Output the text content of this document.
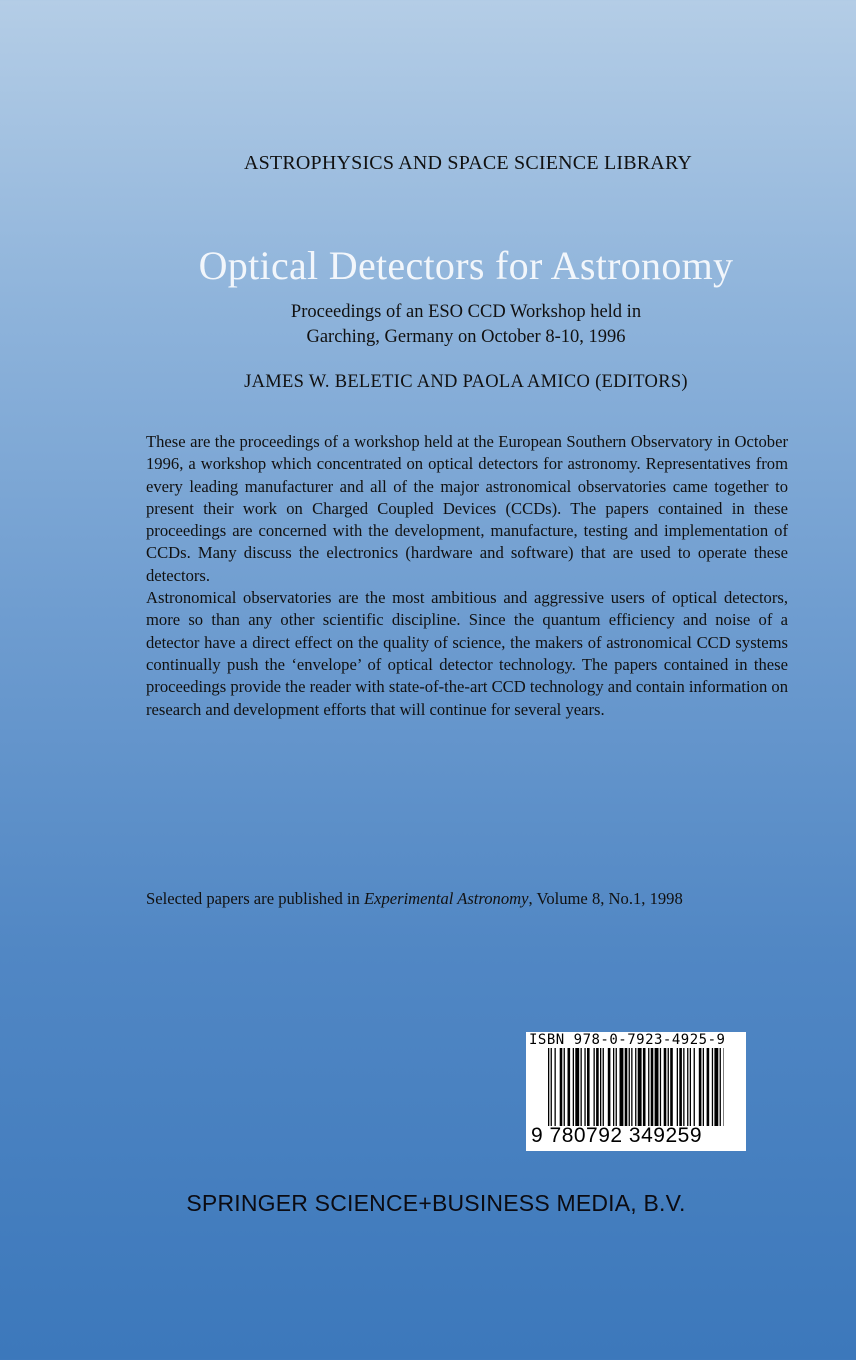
ASTROPHYSICS AND SPACE SCIENCE LIBRARY
Optical Detectors for Astronomy
Proceedings of an ESO CCD Workshop held in
Garching, Germany on October 8-10, 1996
JAMES W. BELETIC AND PAOLA AMICO (EDITORS)

These are the proceedings of a workshop held at the European Southern Observatory in October 1996, a workshop which concentrated on optical detectors for astronomy. Representatives from every leading manufacturer and all of the major astronomical observatories came together to present their work on Charged Coupled Devices (CCDs). The papers contained in these proceedings are concerned with the development, manufacture, testing and implementation of CCDs. Many discuss the electronics (hardware and software) that are used to operate these detectors.

Astronomical observatories are the most ambitious and aggressive users of optical detectors, more so than any other scientific discipline. Since the quantum efficiency and noise of a detector have a direct effect on the quality of science, the makers of astronomical CCD systems continually push the ‘envelope’ of optical detector technology. The papers contained in these proceedings provide the reader with state-of-the-art CCD technology and contain information on research and development efforts that will continue for several years.

Selected papers are published in Experimental Astronomy, Volume 8, No.1, 1998
ISBN 978-0-7923-4925-9
9 780792 349259
SPRINGER SCIENCE+BUSINESS MEDIA, B.V.
